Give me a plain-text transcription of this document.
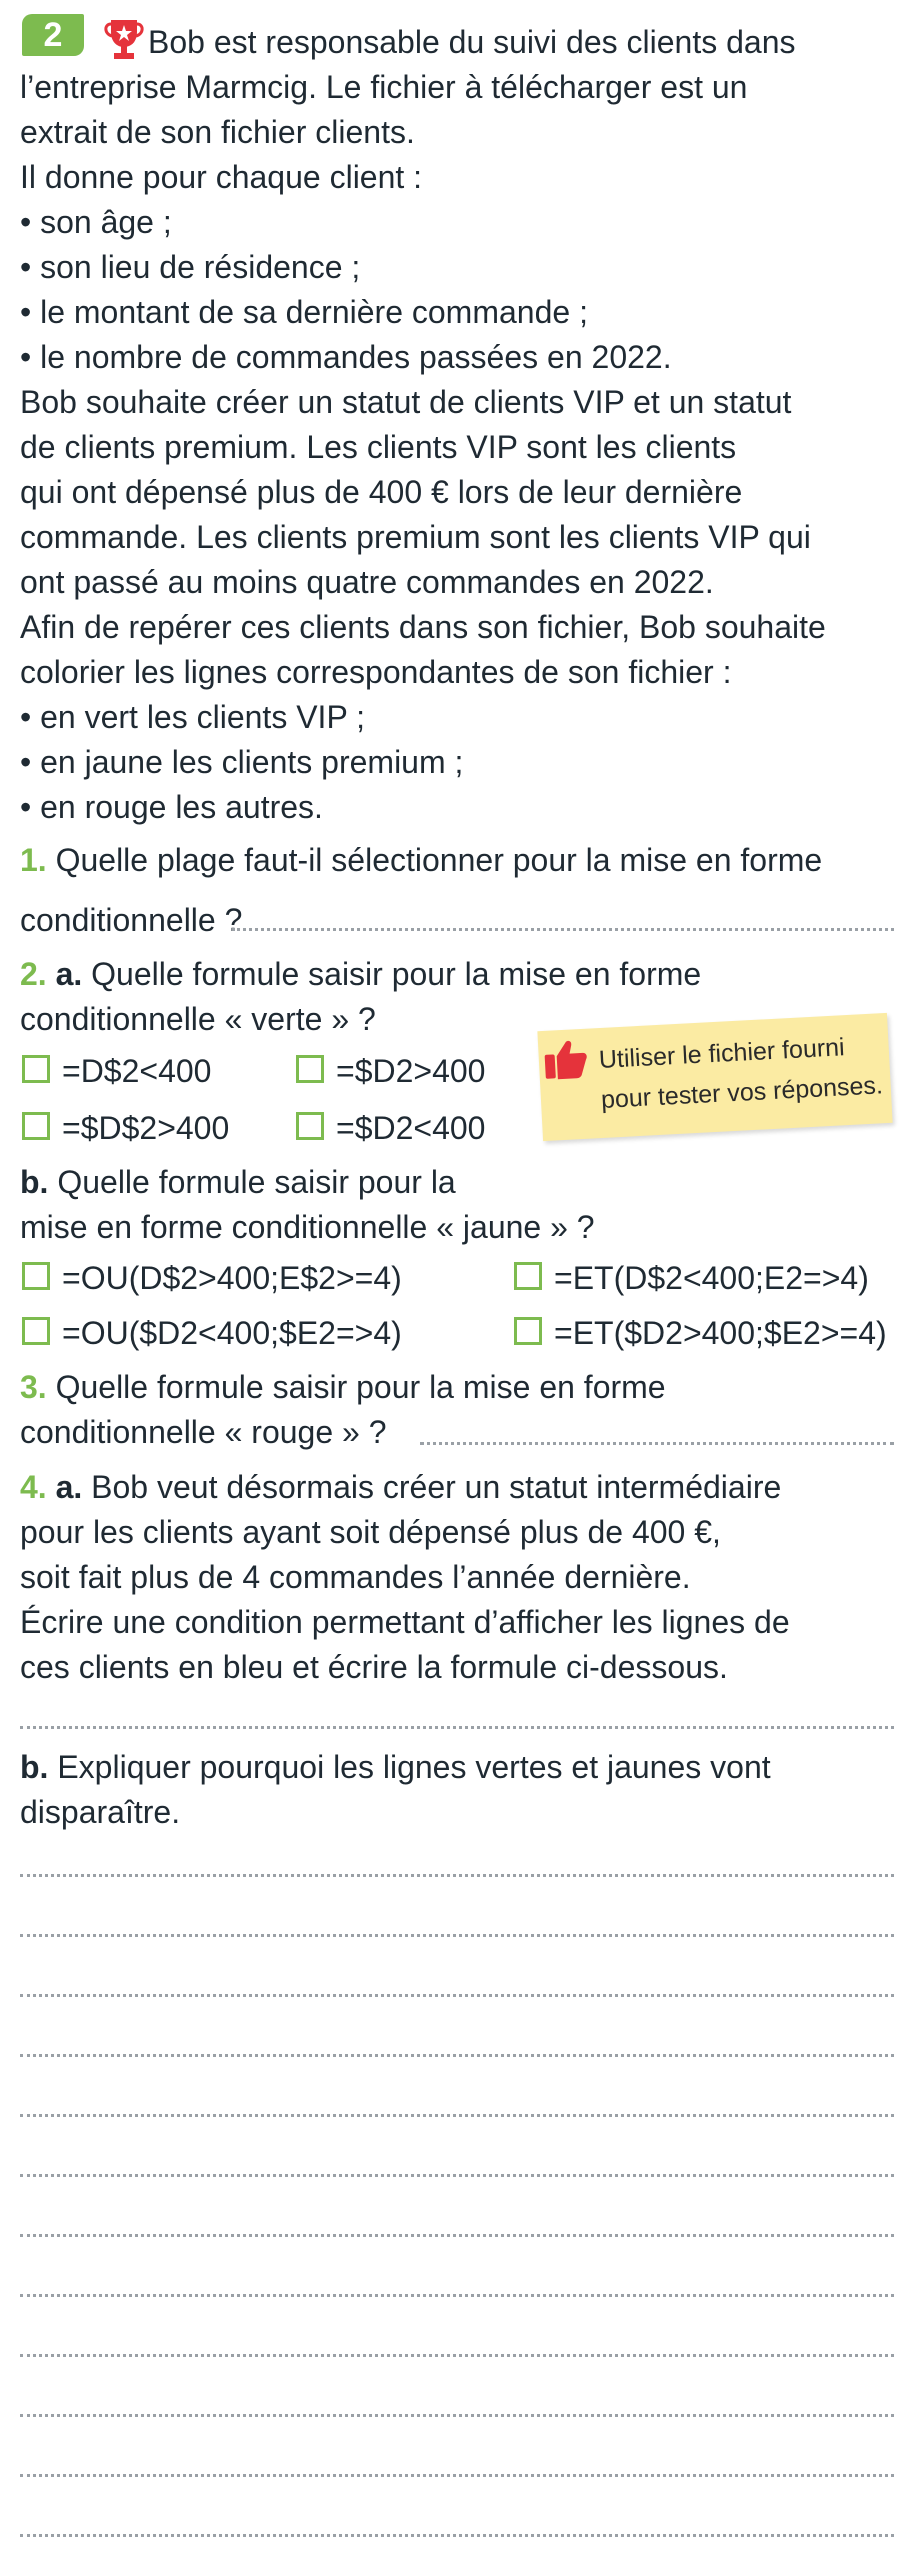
2	Bob est responsable du suivi des clients dans
l’entreprise Marmcig. Le fichier à télécharger est un
extrait de son fichier clients.
Il donne pour chaque client :
• son âge ;
• son lieu de résidence ;
• le montant de sa dernière commande ;
• le nombre de commandes passées en 2022.
Bob souhaite créer un statut de clients VIP et un statut
de clients premium. Les clients VIP sont les clients
qui ont dépensé plus de 400 € lors de leur dernière
commande. Les clients premium sont les clients VIP qui
ont passé au moins quatre commandes en 2022.
Afin de repérer ces clients dans son fichier, Bob souhaite
colorier les lignes correspondantes de son fichier :
• en vert les clients VIP ;
• en jaune les clients premium ;
• en rouge les autres.
1. Quelle plage faut-il sélectionner pour la mise en forme
conditionnelle ?
2. a. Quelle formule saisir pour la mise en forme
conditionnelle « verte » ?
=D$2<400	=$D2>400
=$D$2>400	=$D2<400
Utiliser le fichier fourni
pour tester vos réponses.
b. Quelle formule saisir pour la
mise en forme conditionnelle « jaune » ?
=OU(D$2>400;E$2>=4)	=ET(D$2<400;E2=>4)
=OU($D2<400;$E2=>4)	=ET($D2>400;$E2>=4)
3. Quelle formule saisir pour la mise en forme
conditionnelle « rouge » ?
4. a. Bob veut désormais créer un statut intermédiaire
pour les clients ayant soit dépensé plus de 400 €,
soit fait plus de 4 commandes l’année dernière.
Écrire une condition permettant d’afficher les lignes de
ces clients en bleu et écrire la formule ci-dessous.
b. Expliquer pourquoi les lignes vertes et jaunes vont
disparaître.
